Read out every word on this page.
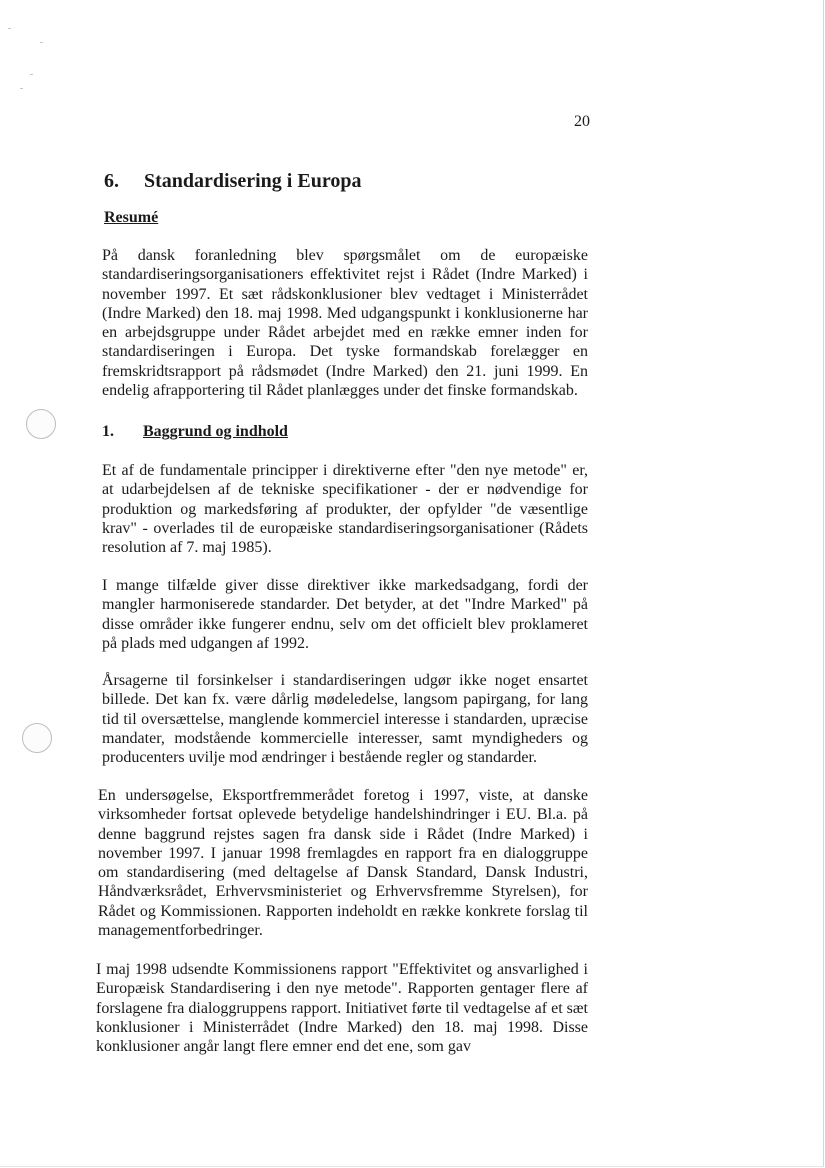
20
6. Standardisering i Europa
Resumé

På dansk foranledning blev spørgsmålet om de europæiske standardiseringsorganisationers effektivitet rejst i Rådet (Indre Marked) i november 1997. Et sæt rådskonklusioner blev vedtaget i Ministerrådet (Indre Marked) den 18. maj 1998. Med udgangspunkt i konklusionerne har en arbejdsgruppe under Rådet arbejdet med en række emner inden for standardiseringen i Europa. Det tyske formandskab forelægger en fremskridtsrapport på rådsmødet (Indre Marked) den 21. juni 1999. En endelig afrapportering til Rådet planlægges under det finske formandskab.

1. Baggrund og indhold

Et af de fundamentale principper i direktiverne efter "den nye metode" er, at udarbejdelsen af de tekniske specifikationer - der er nødvendige for produktion og markedsføring af produkter, der opfylder "de væsentlige krav" - overlades til de europæiske standardiseringsorganisationer (Rådets resolution af 7. maj 1985).

I mange tilfælde giver disse direktiver ikke markedsadgang, fordi der mangler harmoniserede standarder. Det betyder, at det "Indre Marked" på disse områder ikke fungerer endnu, selv om det officielt blev proklameret på plads med udgangen af 1992.

Årsagerne til forsinkelser i standardiseringen udgør ikke noget ensartet billede. Det kan fx. være dårlig mødeledelse, langsom papirgang, for lang tid til oversættelse, manglende kommerciel interesse i standarden, upræcise mandater, modstående kommercielle interesser, samt myndigheders og producenters uvilje mod ændringer i bestående regler og standarder.

En undersøgelse, Eksportfremmerådet foretog i 1997, viste, at danske virksomheder fortsat oplevede betydelige handelshindringer i EU. Bl.a. på denne baggrund rejstes sagen fra dansk side i Rådet (Indre Marked) i november 1997. I januar 1998 fremlagdes en rapport fra en dialoggruppe om standardisering (med deltagelse af Dansk Standard, Dansk Industri, Håndværksrådet, Erhvervsministeriet og Erhvervsfremme Styrelsen), for Rådet og Kommissionen. Rapporten indeholdt en række konkrete forslag til managementforbedringer.

I maj 1998 udsendte Kommissionens rapport "Effektivitet og ansvarlighed i Europæisk Standardisering i den nye metode". Rapporten gentager flere af forslagene fra dialoggruppens rapport. Initiativet førte til vedtagelse af et sæt konklusioner i Ministerrådet (Indre Marked) den 18. maj 1998. Disse konklusioner angår langt flere emner end det ene, som gav
